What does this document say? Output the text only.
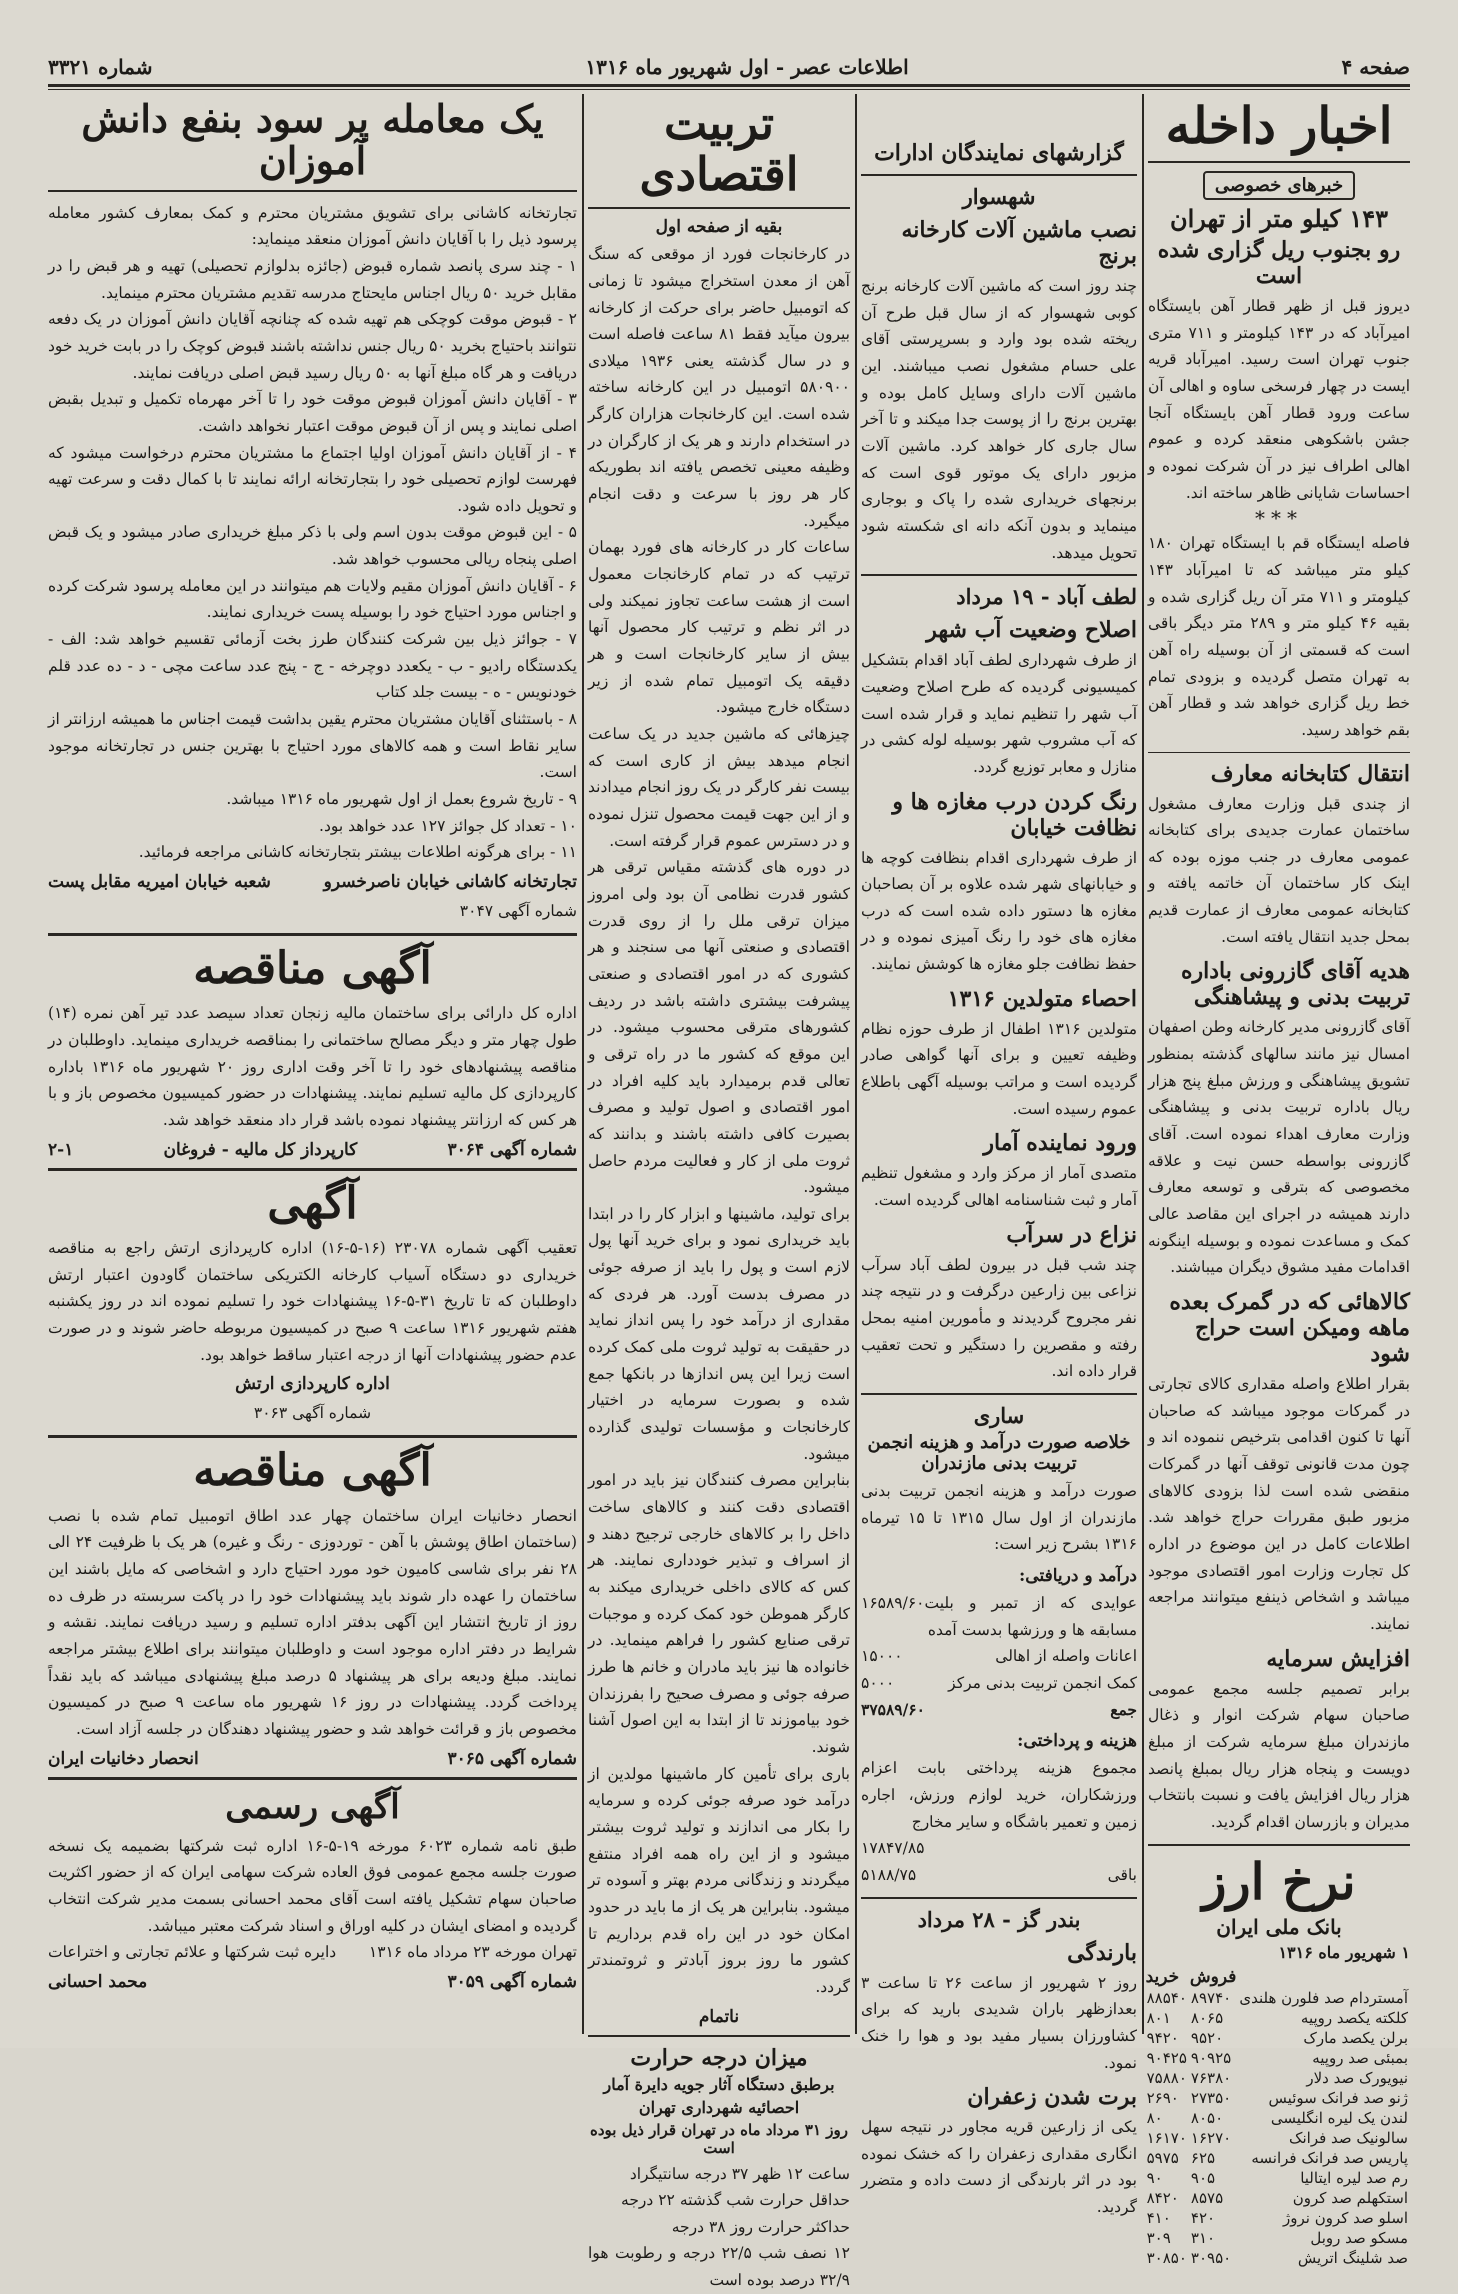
صفحه ۴
اطلاعات عصر - اول شهریور ماه ۱۳۱۶
شماره ۳۳۲۱
اخبار داخله
خبرهای خصوصی
۱۴۳ کیلو متر از تهران
رو بجنوب ریل گزاری شده است

دیروز قبل از ظهر قطار آهن بایستگاه امیرآباد که در ۱۴۳ کیلومتر و ۷۱۱ متری جنوب تهران است رسید. امیرآباد قریه ایست در چهار فرسخی ساوه و اهالی آن ساعت ورود قطار آهن بایستگاه آنجا جشن باشکوهی منعقد کرده و عموم اهالی اطراف نیز در آن شرکت نموده و احساسات شایانی ظاهر ساخته اند.

***

فاصله ایستگاه قم با ایستگاه تهران ۱۸۰ کیلو متر میباشد که تا امیرآباد ۱۴۳ کیلومتر و ۷۱۱ متر آن ریل گزاری شده و بقیه ۴۶ کیلو متر و ۲۸۹ متر دیگر باقی است که قسمتی از آن بوسیله راه آهن به تهران متصل گردیده و بزودی تمام خط ریل گزاری خواهد شد و قطار آهن بقم خواهد رسید.

انتقال کتابخانه معارف

از چندی قبل وزارت معارف مشغول ساختمان عمارت جدیدی برای کتابخانه عمومی معارف در جنب موزه بوده که اینک کار ساختمان آن خاتمه یافته و کتابخانه عمومی معارف از عمارت قدیم بمحل جدید انتقال یافته است.

هدیه آقای گازرونی باداره تربیت بدنی و پیشاهنگی

آقای گازرونی مدیر کارخانه وطن اصفهان امسال نیز مانند سالهای گذشته بمنظور تشویق پیشاهنگی و ورزش مبلغ پنج هزار ریال باداره تربیت بدنی و پیشاهنگی وزارت معارف اهداء نموده است. آقای گازرونی بواسطه حسن نیت و علاقه مخصوصی که بترقی و توسعه معارف دارند همیشه در اجرای این مقاصد عالی کمک و مساعدت نموده و بوسیله اینگونه اقدامات مفید مشوق دیگران میباشند.

کالاهائی که در گمرک بعده ماهه ومیکن است حراج شود

بقرار اطلاع واصله مقداری کالای تجارتی در گمرکات موجود میباشد که صاحبان آنها تا کنون اقدامی بترخیص ننموده اند و چون مدت قانونی توقف آنها در گمرکات منقضی شده است لذا بزودی کالاهای مزبور طبق مقررات حراج خواهد شد. اطلاعات کامل در این موضوع در اداره کل تجارت وزارت امور اقتصادی موجود میباشد و اشخاص ذینفع میتوانند مراجعه نمایند.

افزایش سرمایه

برابر تصمیم جلسه مجمع عمومی صاحبان سهام شرکت انوار و ذغال مازندران مبلغ سرمایه شرکت از مبلغ دویست و پنجاه هزار ریال بمبلغ پانصد هزار ریال افزایش یافت و نسبت بانتخاب مدیران و بازرسان اقدام گردید.

نرخ ارز
بانک ملی ایران
۱ شهریور ماه ۱۳۱۶
	فروش	خرید
آمستردام صد فلورن هلندی	۸۹۷۴۰	۸۸۵۴۰
کلکته یکصد روپیه	۸۰۶۵	۸۰۱
برلن یکصد مارک	۹۵۲۰	۹۴۲۰
بمبئی صد روپیه	۹۰۹۲۵	۹۰۴۲۵
نیویورک صد دلار	۷۶۳۸۰	۷۵۸۸۰
ژنو صد فرانک سوئیس	۲۷۳۵۰	۲۶۹۰
لندن یک لیره انگلیسی	۸۰۵۰	۸۰
سالونیک صد فرانک	۱۶۲۷۰	۱۶۱۷۰
پاریس صد فرانک فرانسه	۶۲۵	۵۹۷۵
رم صد لیره ایتالیا	۹۰۵	۹۰
استکهلم صد کرون	۸۵۷۵	۸۴۲۰
اسلو صد کرون نروژ	۴۲۰	۴۱۰
مسکو صد روبل	۳۱۰	۳۰۹
صد شلینگ اتریش	۳۰۹۵۰	۳۰۸۵۰
گزارشهای نمایندگان ادارات
شهسوار
نصب ماشین آلات کارخانه برنج

چند روز است که ماشین آلات کارخانه برنج کوبی شهسوار که از سال قبل طرح آن ریخته شده بود وارد و بسرپرستی آقای علی حسام مشغول نصب میباشند. این ماشین آلات دارای وسایل کامل بوده و بهترین برنج را از پوست جدا میکند و تا آخر سال جاری کار خواهد کرد. ماشین آلات مزبور دارای یک موتور قوی است که برنجهای خریداری شده را پاک و بوجاری مینماید و بدون آنکه دانه ای شکسته شود تحویل میدهد.

لطف آباد - ۱۹ مرداد
اصلاح وضعیت آب شهر

از طرف شهرداری لطف آباد اقدام بتشکیل کمیسیونی گردیده که طرح اصلاح وضعیت آب شهر را تنظیم نماید و قرار شده است که آب مشروب شهر بوسیله لوله کشی در منازل و معابر توزیع گردد.

رنگ کردن درب مغازه ها و نظافت خیابان

از طرف شهرداری اقدام بنظافت کوچه ها و خیابانهای شهر شده علاوه بر آن بصاحبان مغازه ها دستور داده شده است که درب مغازه های خود را رنگ آمیزی نموده و در حفظ نظافت جلو مغازه ها کوشش نمایند.

احصاء متولدین ۱۳۱۶

متولدین ۱۳۱۶ اطفال از طرف حوزه نظام وظیفه تعیین و برای آنها گواهی صادر گردیده است و مراتب بوسیله آگهی باطلاع عموم رسیده است.

ورود نماینده آمار

متصدی آمار از مرکز وارد و مشغول تنظیم آمار و ثبت شناسنامه اهالی گردیده است.

نزاع در سرآب

چند شب قبل در بیرون لطف آباد سرآب نزاعی بین زارعین درگرفت و در نتیجه چند نفر مجروح گردیدند و مأمورین امنیه بمحل رفته و مقصرین را دستگیر و تحت تعقیب قرار داده اند.

ساری
خلاصه صورت درآمد و هزینه انجمن تربیت بدنی مازندران

صورت درآمد و هزینه انجمن تربیت بدنی مازندران از اول سال ۱۳۱۵ تا ۱۵ تیرماه ۱۳۱۶ بشرح زیر است:

درآمد و دریافتی:
عوایدی که از تمبر و بلیت مسابقه ها و ورزشها بدست آمده
۱۶۵۸۹/۶۰
اعانات واصله از اهالی
۱۵۰۰۰
کمک انجمن تربیت بدنی مرکز
۵۰۰۰
جمع
۳۷۵۸۹/۶۰
هزینه و پرداختی:

مجموع هزینه پرداختی بابت اعزام ورزشکاران، خرید لوازم ورزش، اجاره زمین و تعمیر باشگاه و سایر مخارج

۱۷۸۴۷/۸۵
باقی
۵۱۸۸/۷۵
بندر گز - ۲۸ مرداد
بارندگی

روز ۲ شهریور از ساعت ۲۶ تا ساعت ۳ بعدازظهر باران شدیدی بارید که برای کشاورزان بسیار مفید بود و هوا را خنک نمود.

برت شدن زعفران

یکی از زارعین قریه مجاور در نتیجه سهل انگاری مقداری زعفران را که خشک نموده بود در اثر بارندگی از دست داده و متضرر گردید.

تربیت اقتصادی
بقیه از صفحه اول

در کارخانجات فورد از موقعی که سنگ آهن از معدن استخراج میشود تا زمانی که اتومبیل حاضر برای حرکت از کارخانه بیرون میآید فقط ۸۱ ساعت فاصله است و در سال گذشته یعنی ۱۹۳۶ میلادی ۵۸۰۹۰۰ اتومبیل در این کارخانه ساخته شده است. این کارخانجات هزاران کارگر در استخدام دارند و هر یک از کارگران در وظیفه معینی تخصص یافته اند بطوریکه کار هر روز با سرعت و دقت انجام میگیرد.

ساعات کار در کارخانه های فورد بهمان ترتیب که در تمام کارخانجات معمول است از هشت ساعت تجاوز نمیکند ولی در اثر نظم و ترتیب کار محصول آنها بیش از سایر کارخانجات است و هر دقیقه یک اتومبیل تمام شده از زیر دستگاه خارج میشود.

چیزهائی که ماشین جدید در یک ساعت انجام میدهد بیش از کاری است که بیست نفر کارگر در یک روز انجام میدادند و از این جهت قیمت محصول تنزل نموده و در دسترس عموم قرار گرفته است.

در دوره های گذشته مقیاس ترقی هر کشور قدرت نظامی آن بود ولی امروز میزان ترقی ملل را از روی قدرت اقتصادی و صنعتی آنها می سنجند و هر کشوری که در امور اقتصادی و صنعتی پیشرفت بیشتری داشته باشد در ردیف کشورهای مترقی محسوب میشود. در این موقع که کشور ما در راه ترقی و تعالی قدم برمیدارد باید کلیه افراد در امور اقتصادی و اصول تولید و مصرف بصیرت کافی داشته باشند و بدانند که ثروت ملی از کار و فعالیت مردم حاصل میشود.

برای تولید، ماشینها و ابزار کار را در ابتدا باید خریداری نمود و برای خرید آنها پول لازم است و پول را باید از صرفه جوئی در مصرف بدست آورد. هر فردی که مقداری از درآمد خود را پس انداز نماید در حقیقت به تولید ثروت ملی کمک کرده است زیرا این پس اندازها در بانکها جمع شده و بصورت سرمایه در اختیار کارخانجات و مؤسسات تولیدی گذارده میشود.

بنابراین مصرف کنندگان نیز باید در امور اقتصادی دقت کنند و کالاهای ساخت داخل را بر کالاهای خارجی ترجیح دهند و از اسراف و تبذیر خودداری نمایند. هر کس که کالای داخلی خریداری میکند به کارگر هموطن خود کمک کرده و موجبات ترقی صنایع کشور را فراهم مینماید. در خانواده ها نیز باید مادران و خانم ها طرز صرفه جوئی و مصرف صحیح را بفرزندان خود بیاموزند تا از ابتدا به این اصول آشنا شوند.

باری برای تأمین کار ماشینها مولدین از درآمد خود صرفه جوئی کرده و سرمایه را بکار می اندازند و تولید ثروت بیشتر میشود و از این راه همه افراد منتفع میگردند و زندگانی مردم بهتر و آسوده تر میشود. بنابراین هر یک از ما باید در حدود امکان خود در این راه قدم برداریم تا کشور ما روز بروز آبادتر و ثروتمندتر گردد.

ناتمام
میزان درجه حرارت
برطبق دستگاه آثار جویه دایرة آمار
احصائیه شهرداری تهران
روز ۳۱ مرداد ماه در تهران قرار ذیل بوده است

ساعت ۱۲ ظهر ۳۷ درجه سانتیگراد

حداقل حرارت شب گذشته ۲۲ درجه

حداکثر حرارت روز ۳۸ درجه

۱۲ نصف شب ۲۲/۵ درجه و رطوبت هوا ۳۲/۹ درصد بوده است

یک معامله پر سود بنفع دانش آموزان

تجارتخانه کاشانی برای تشویق مشتریان محترم و کمک بمعارف کشور معامله پرسود ذیل را با آقایان دانش آموزان منعقد مینماید:

۱ - چند سری پانصد شماره قبوض (جائزه بدلوازم تحصیلی) تهیه و هر قبض را در مقابل خرید ۵۰ ریال اجناس مایحتاج مدرسه تقدیم مشتریان محترم مینماید.

۲ - قبوض موقت کوچکی هم تهیه شده که چنانچه آقایان دانش آموزان در یک دفعه نتوانند باحتیاج بخرید ۵۰ ریال جنس نداشته باشند قبوض کوچک را در بابت خرید خود دریافت و هر گاه مبلغ آنها به ۵۰ ریال رسید قبض اصلی دریافت نمایند.

۳ - آقایان دانش آموزان قبوض موقت خود را تا آخر مهرماه تکمیل و تبدیل بقبض اصلی نمایند و پس از آن قبوض موقت اعتبار نخواهد داشت.

۴ - از آقایان دانش آموزان اولیا اجتماع ما مشتریان محترم درخواست میشود که فهرست لوازم تحصیلی خود را بتجارتخانه ارائه نمایند تا با کمال دقت و سرعت تهیه و تحویل داده شود.

۵ - این قبوض موقت بدون اسم ولی با ذکر مبلغ خریداری صادر میشود و یک قبض اصلی پنجاه ریالی محسوب خواهد شد.

۶ - آقایان دانش آموزان مقیم ولایات هم میتوانند در این معامله پرسود شرکت کرده و اجناس مورد احتیاج خود را بوسیله پست خریداری نمایند.

۷ - جوائز ذیل بین شرکت کنندگان طرز بخت آزمائی تقسیم خواهد شد: الف - یکدستگاه رادیو - ب - یکعدد دوچرخه - ج - پنج عدد ساعت مچی - د - ده عدد قلم خودنویس - ه - بیست جلد کتاب

۸ - باستثنای آقایان مشتریان محترم یقین بداشت قیمت اجناس ما همیشه ارزانتر از سایر نقاط است و همه کالاهای مورد احتیاج با بهترین جنس در تجارتخانه موجود است.

۹ - تاریخ شروع بعمل از اول شهریور ماه ۱۳۱۶ میباشد.

۱۰ - تعداد کل جوائز ۱۲۷ عدد خواهد بود.

۱۱ - برای هرگونه اطلاعات بیشتر بتجارتخانه کاشانی مراجعه فرمائید.

تجارتخانه کاشانی خیابان ناصرخسرو
شعبه خیابان امیریه مقابل پست
شماره آگهی ۳۰۴۷
آگهی مناقصه

اداره کل دارائی برای ساختمان مالیه زنجان تعداد سیصد عدد تیر آهن نمره (۱۴) طول چهار متر و دیگر مصالح ساختمانی را بمناقصه خریداری مینماید. داوطلبان در مناقصه پیشنهادهای خود را تا آخر وقت اداری روز ۲۰ شهریور ماه ۱۳۱۶ باداره کارپردازی کل مالیه تسلیم نمایند. پیشنهادات در حضور کمیسیون مخصوص باز و با هر کس که ارزانتر پیشنهاد نموده باشد قرار داد منعقد خواهد شد.

شماره آگهی ۳۰۶۴
کارپرداز کل مالیه - فروغان
۲-۱
آگهی

تعقیب آگهی شماره ۲۳۰۷۸ (۱۶-۵-۱۶) اداره کارپردازی ارتش راجع به مناقصه خریداری دو دستگاه آسیاب کارخانه الکتریکی ساختمان گاودون اعتبار ارتش داوطلبان که تا تاریخ ۳۱-۵-۱۶ پیشنهادات خود را تسلیم نموده اند در روز یکشنبه هفتم شهریور ۱۳۱۶ ساعت ۹ صبح در کمیسیون مربوطه حاضر شوند و در صورت عدم حضور پیشنهادات آنها از درجه اعتبار ساقط خواهد بود.

اداره کارپردازی ارتش
شماره آگهی ۳۰۶۳
آگهی مناقصه

انحصار دخانیات ایران ساختمان چهار عدد اطاق اتومبیل تمام شده با نصب (ساختمان اطاق پوشش با آهن - توردوزی - رنگ و غیره) هر یک با ظرفیت ۲۴ الی ۲۸ نفر برای شاسی کامیون خود مورد احتیاج دارد و اشخاصی که مایل باشند این ساختمان را عهده دار شوند باید پیشنهادات خود را در پاکت سربسته در ظرف ده روز از تاریخ انتشار این آگهی بدفتر اداره تسلیم و رسید دریافت نمایند. نقشه و شرایط در دفتر اداره موجود است و داوطلبان میتوانند برای اطلاع بیشتر مراجعه نمایند. مبلغ ودیعه برای هر پیشنهاد ۵ درصد مبلغ پیشنهادی میباشد که باید نقداً پرداخت گردد. پیشنهادات در روز ۱۶ شهریور ماه ساعت ۹ صبح در کمیسیون مخصوص باز و قرائت خواهد شد و حضور پیشنهاد دهندگان در جلسه آزاد است.

شماره آگهی ۳۰۶۵
انحصار دخانیات ایران
آگهی رسمی

طبق نامه شماره ۶۰۲۳ مورخه ۱۹-۵-۱۶ اداره ثبت شرکتها بضمیمه یک نسخه صورت جلسه مجمع عمومی فوق العاده شرکت سهامی ایران که از حضور اکثریت صاحبان سهام تشکیل یافته است آقای محمد احسانی بسمت مدیر شرکت انتخاب گردیده و امضای ایشان در کلیه اوراق و اسناد شرکت معتبر میباشد.

تهران مورخه ۲۳ مرداد ماه ۱۳۱۶
دایره ثبت شرکتها و علائم تجارتی و اختراعات
شماره آگهی ۳۰۵۹
محمد احسانی
